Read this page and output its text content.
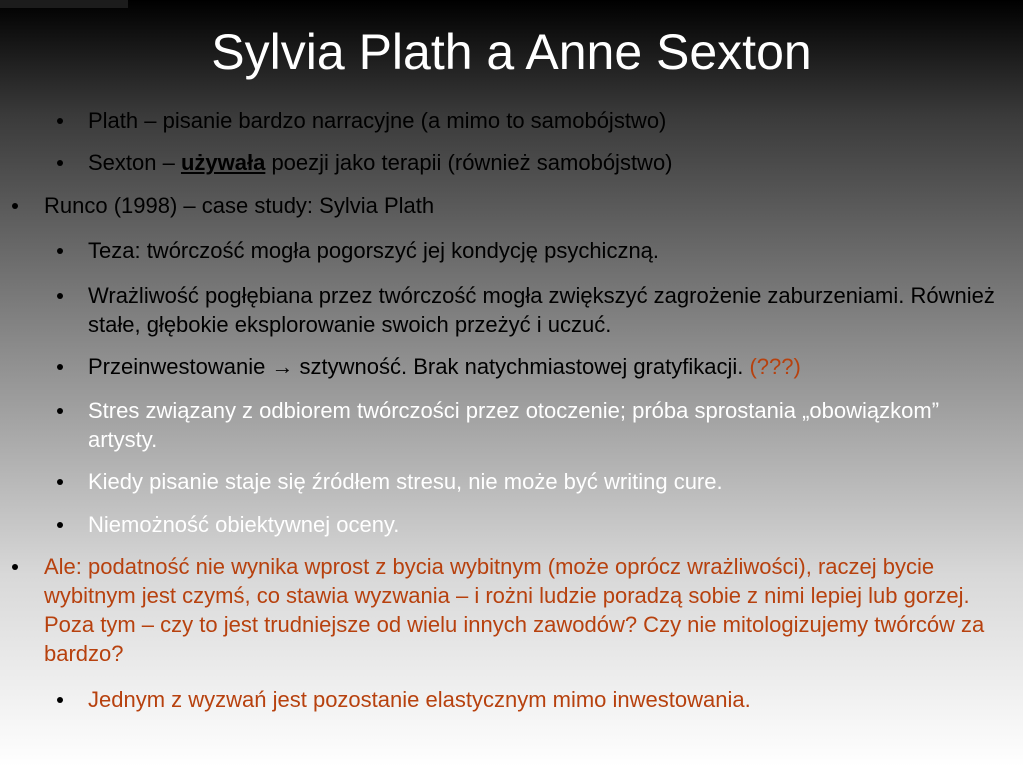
Sylvia Plath a Anne Sexton
Plath – pisanie bardzo narracyjne (a mimo to samobójstwo)
Sexton – używała poezji jako terapii (również samobójstwo)
Runco (1998) – case study: Sylvia Plath
Teza: twórczość mogła pogorszyć jej kondycję psychiczną.
Wrażliwość pogłębiana przez twórczość mogła zwiększyć zagrożenie zaburzeniami. Również stałe, głębokie eksplorowanie swoich przeżyć i uczuć.
Przeinwestowanie → sztywność. Brak natychmiastowej gratyfikacji. (???)
Stres związany z odbiorem twórczości przez otoczenie; próba sprostania „obowiązkom” artysty.
Kiedy pisanie staje się źródłem stresu, nie może być writing cure.
Niemożność obiektywnej oceny.
Ale: podatność nie wynika wprost z bycia wybitnym (może oprócz wrażliwości), raczej bycie wybitnym jest czymś, co stawia wyzwania – i rożni ludzie poradzą sobie z nimi lepiej lub gorzej. Poza tym – czy to jest trudniejsze od wielu innych zawodów? Czy nie mitologizujemy twórców za bardzo?
Jednym z wyzwań jest pozostanie elastycznym mimo inwestowania.
